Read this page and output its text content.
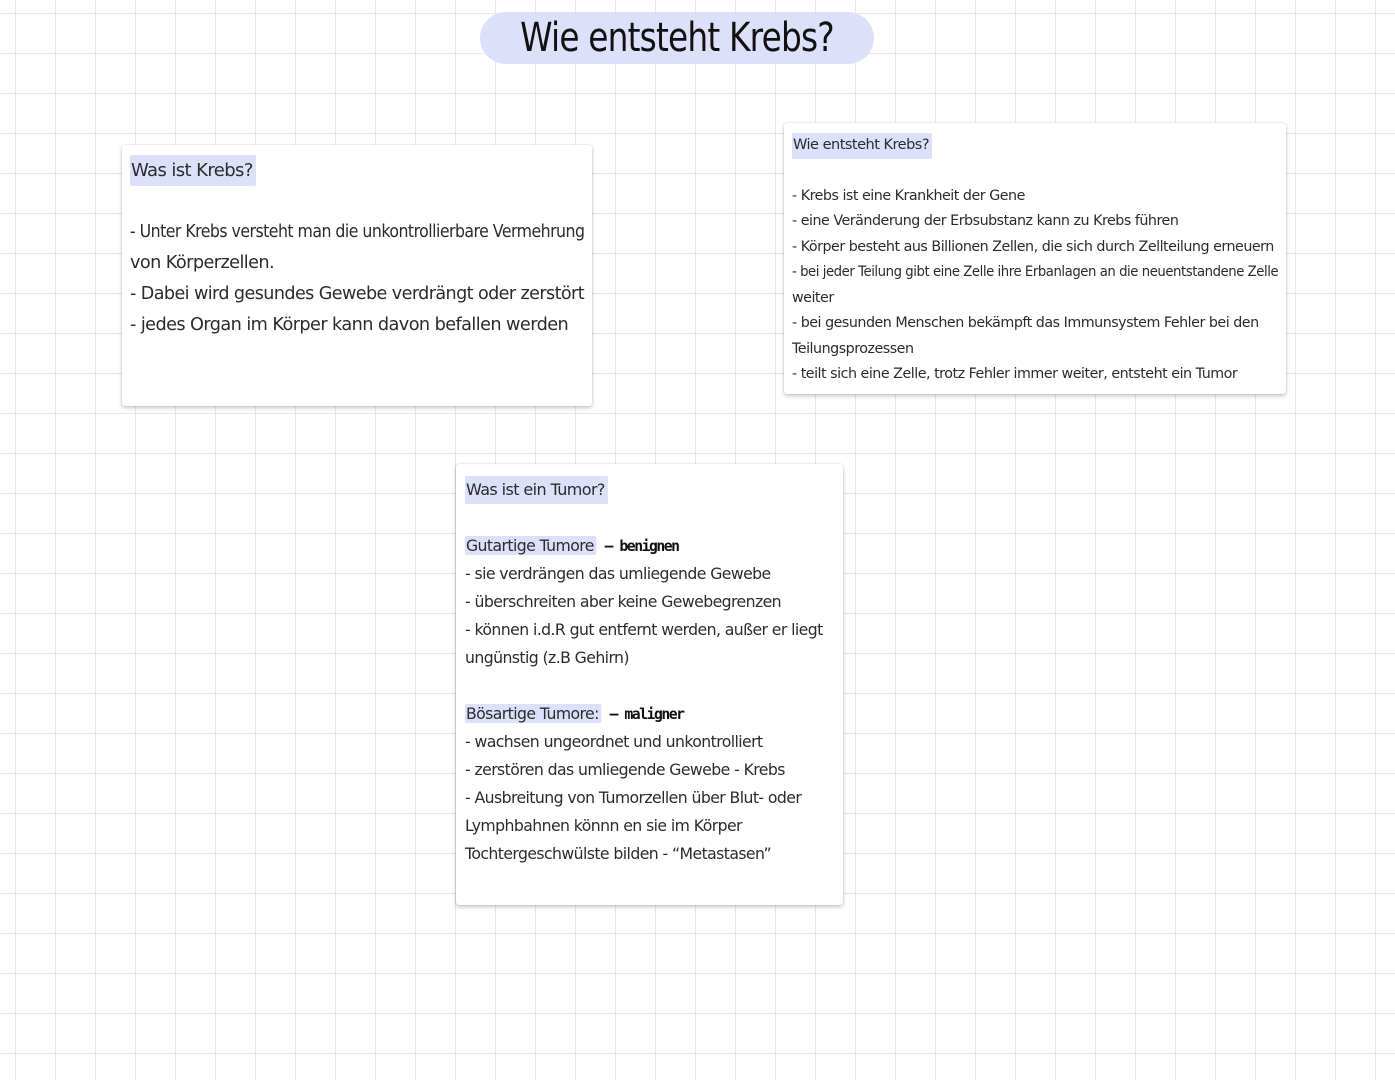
Wie entsteht Krebs?
Was ist Krebs?
- Unter Krebs versteht man die unkontrollierbare Vermehrung
von Körperzellen.
- Dabei wird gesundes Gewebe verdrängt oder zerstört
- jedes Organ im Körper kann davon befallen werden
Wie entsteht Krebs?
- Krebs ist eine Krankheit der Gene
- eine Veränderung der Erbsubstanz kann zu Krebs führen
- Körper besteht aus Billionen Zellen, die sich durch Zellteilung erneuern
- bei jeder Teilung gibt eine Zelle ihre Erbanlagen an die neuentstandene Zelle
weiter
- bei gesunden Menschen bekämpft das Immunsystem Fehler bei den
Teilungsprozessen
- teilt sich eine Zelle, trotz Fehler immer weiter, entsteht ein Tumor
Was ist ein Tumor?
Gutartige Tumore — benignen
- sie verdrängen das umliegende Gewebe
- überschreiten aber keine Gewebegrenzen
- können i.d.R gut entfernt werden, außer er liegt
ungünstig (z.B Gehirn)
Bösartige Tumore: — maligner
- wachsen ungeordnet und unkontrolliert
- zerstören das umliegende Gewebe - Krebs
- Ausbreitung von Tumorzellen über Blut- oder
Lymphbahnen könnn en sie im Körper
Tochtergeschwülste bilden - “Metastasen”
